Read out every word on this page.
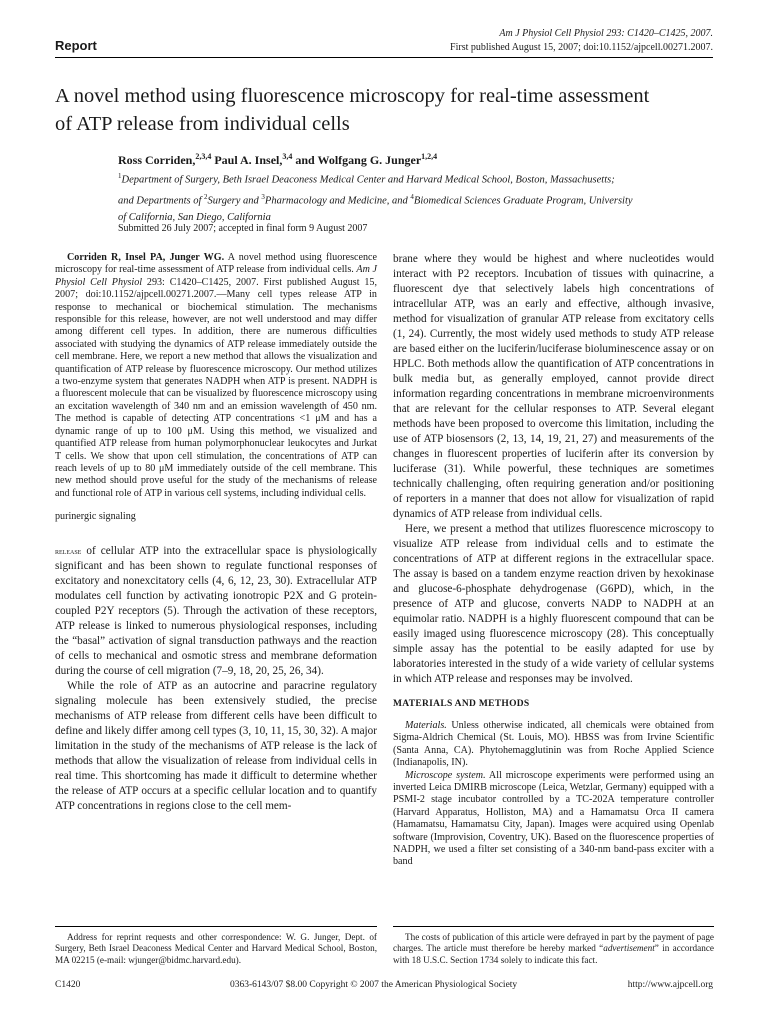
Report
Am J Physiol Cell Physiol 293: C1420–C1425, 2007.
First published August 15, 2007; doi:10.1152/ajpcell.00271.2007.
A novel method using fluorescence microscopy for real-time assessment
of ATP release from individual cells
Ross Corriden,$^{2,3,4}$ Paul A. Insel,$^{3,4}$ and Wolfgang G. Junger$^{1,2,4}$
$^1$Department of Surgery, Beth Israel Deaconess Medical Center and Harvard Medical School, Boston, Massachusetts;
and Departments of $^2$Surgery and $^3$Pharmacology and Medicine, and $^4$Biomedical Sciences Graduate Program, University
of California, San Diego, California
Submitted 26 July 2007; accepted in final form 9 August 2007

Corriden R, Insel PA, Junger WG. A novel method using fluorescence microscopy for real-time assessment of ATP release from individual cells. Am J Physiol Cell Physiol 293: C1420–C1425, 2007. First published August 15, 2007; doi:10.1152/ajpcell.00271.2007.—Many cell types release ATP in response to mechanical or biochemical stimulation. The mechanisms responsible for this release, however, are not well understood and may differ among different cell types. In addition, there are numerous difficulties associated with studying the dynamics of ATP release immediately outside the cell membrane. Here, we report a new method that allows the visualization and quantification of ATP release by fluorescence microscopy. Our method utilizes a two-enzyme system that generates NADPH when ATP is present. NADPH is a fluorescent molecule that can be visualized by fluorescence microscopy using an excitation wavelength of 340 nm and an emission wavelength of 450 nm. The method is capable of detecting ATP concentrations <1 μM and has a dynamic range of up to 100 μM. Using this method, we visualized and quantified ATP release from human polymorphonuclear leukocytes and Jurkat T cells. We show that upon cell stimulation, the concentrations of ATP can reach levels of up to 80 μM immediately outside of the cell membrane. This new method should prove useful for the study of the mechanisms of release and functional role of ATP in various cell systems, including individual cells.

purinergic signaling

release of cellular ATP into the extracellular space is physiologically significant and has been shown to regulate functional responses of excitatory and nonexcitatory cells (4, 6, 12, 23, 30). Extracellular ATP modulates cell function by activating ionotropic P2X and G protein-coupled P2Y receptors (5). Through the activation of these receptors, ATP release is linked to numerous physiological responses, including the “basal” activation of signal transduction pathways and the reaction of cells to mechanical and osmotic stress and membrane deformation during the course of cell migration (7–9, 18, 20, 25, 26, 34).

While the role of ATP as an autocrine and paracrine regulatory signaling molecule has been extensively studied, the precise mechanisms of ATP release from different cells have been difficult to define and likely differ among cell types (3, 10, 11, 15, 30, 32). A major limitation in the study of the mechanisms of ATP release is the lack of methods that allow the visualization of release from individual cells in real time. This shortcoming has made it difficult to determine whether the release of ATP occurs at a specific cellular location and to quantify ATP concentrations in regions close to the cell mem-

brane where they would be highest and where nucleotides would interact with P2 receptors. Incubation of tissues with quinacrine, a fluorescent dye that selectively labels high concentrations of intracellular ATP, was an early and effective, although invasive, method for visualization of granular ATP release from excitatory cells (1, 24). Currently, the most widely used methods to study ATP release are based either on the luciferin/luciferase bioluminescence assay or on HPLC. Both methods allow the quantification of ATP concentrations in bulk media but, as generally employed, cannot provide direct information regarding concentrations in membrane microenvironments that are relevant for the cellular responses to ATP. Several elegant methods have been proposed to overcome this limitation, including the use of ATP biosensors (2, 13, 14, 19, 21, 27) and measurements of the changes in fluorescent properties of luciferin after its conversion by luciferase (31). While powerful, these techniques are sometimes technically challenging, often requiring generation and/or positioning of reporters in a manner that does not allow for visualization of rapid dynamics of ATP release from individual cells.

Here, we present a method that utilizes fluorescence microscopy to visualize ATP release from individual cells and to estimate the concentrations of ATP at different regions in the extracellular space. The assay is based on a tandem enzyme reaction driven by hexokinase and glucose-6-phosphate dehydrogenase (G6PD), which, in the presence of ATP and glucose, converts NADP to NADPH at an equimolar ratio. NADPH is a highly fluorescent compound that can be easily imaged using fluorescence microscopy (28). This conceptually simple assay has the potential to be easily adapted for use by laboratories interested in the study of a wide variety of cellular systems in which ATP release and responses may be involved.

MATERIALS AND METHODS

Materials. Unless otherwise indicated, all chemicals were obtained from Sigma-Aldrich Chemical (St. Louis, MO). HBSS was from Irvine Scientific (Santa Anna, CA). Phytohemagglutinin was from Roche Applied Science (Indianapolis, IN).

Microscope system. All microscope experiments were performed using an inverted Leica DMIRB microscope (Leica, Wetzlar, Germany) equipped with a PSMI-2 stage incubator controlled by a TC-202A temperature controller (Harvard Apparatus, Holliston, MA) and a Hamamatsu Orca II camera (Hamamatsu, Hamamatsu City, Japan). Images were acquired using Openlab software (Improvision, Coventry, UK). Based on the fluorescence properties of NADPH, we used a filter set consisting of a 340-nm band-pass exciter with a band

Address for reprint requests and other correspondence: W. G. Junger, Dept. of Surgery, Beth Israel Deaconess Medical Center and Harvard Medical School, Boston, MA 02215 (e-mail: wjunger@bidmc.harvard.edu).
The costs of publication of this article were defrayed in part by the payment of page charges. The article must therefore be hereby marked “advertisement” in accordance with 18 U.S.C. Section 1734 solely to indicate this fact.
C1420	0363-6143/07 $8.00 Copyright © 2007 the American Physiological Society	http://www.ajpcell.org
